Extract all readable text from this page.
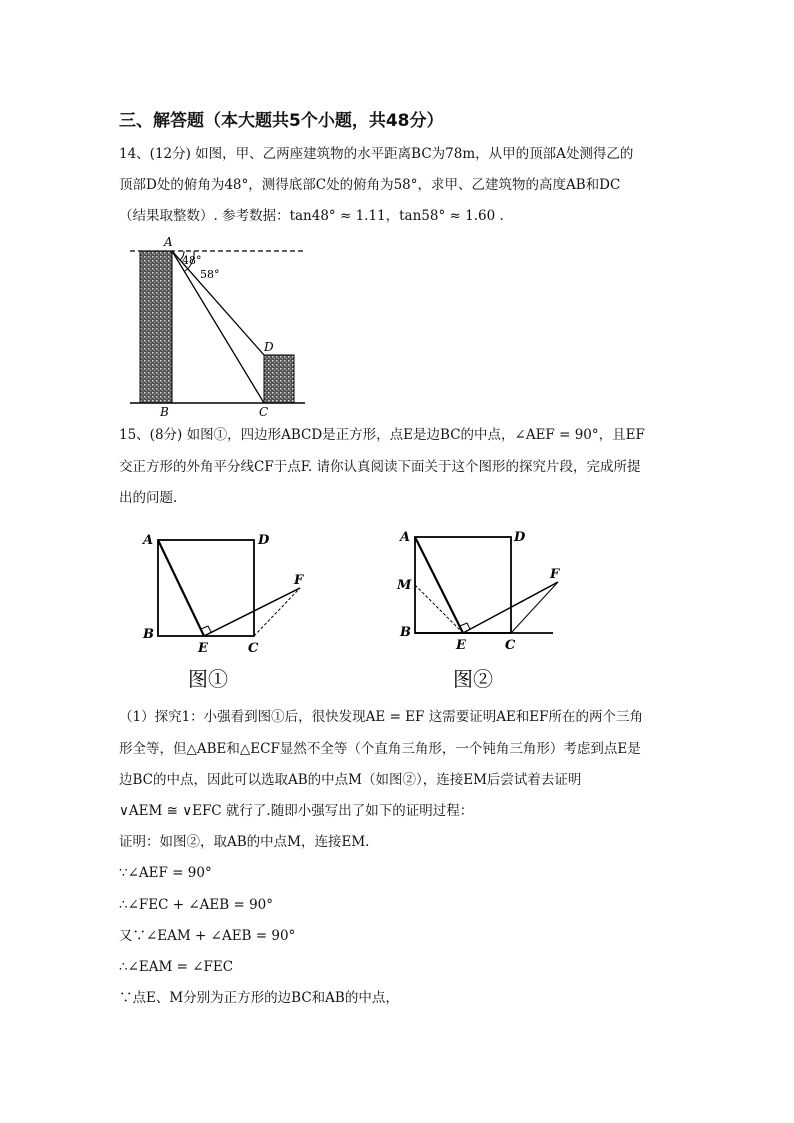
三、解答题（本大题共5个小题，共48分）
14、(12分) 如图，甲、乙两座建筑物的水平距离BC为78m，从甲的顶部A处测得乙的
顶部D处的俯角为48°，测得底部C处的俯角为58°，求甲、乙建筑物的高度AB和DC
（结果取整数）. 参考数据：tan48° ≈ 1.11，tan58° ≈ 1.60 .
A
48°
58°
D
B	C
15、(8分) 如图①，四边形ABCD是正方形，点E是边BC的中点，∠AEF = 90°，且EF
交正方形的外角平分线CF于点F. 请你认真阅读下面关于这个图形的探究片段，完成所提
出的问题.
A	D
B
E	C
F
图①
A	D
M
B
E	C
F
图②
（1）探究1：小强看到图①后，很快发现AE = EF 这需要证明AE和EF所在的两个三角
形全等，但△ABE和△ECF显然不全等（个直角三角形，一个钝角三角形）考虑到点E是
边BC的中点，因此可以选取AB的中点M（如图②），连接EM后尝试着去证明
∨AEM ≅ ∨EFC 就行了.随即小强写出了如下的证明过程：
证明：如图②，取AB的中点M，连接EM.
∵∠AEF = 90°
∴∠FEC + ∠AEB = 90°
又∵∠EAM + ∠AEB = 90°
∴∠EAM = ∠FEC
∵点E、M分别为正方形的边BC和AB的中点，
